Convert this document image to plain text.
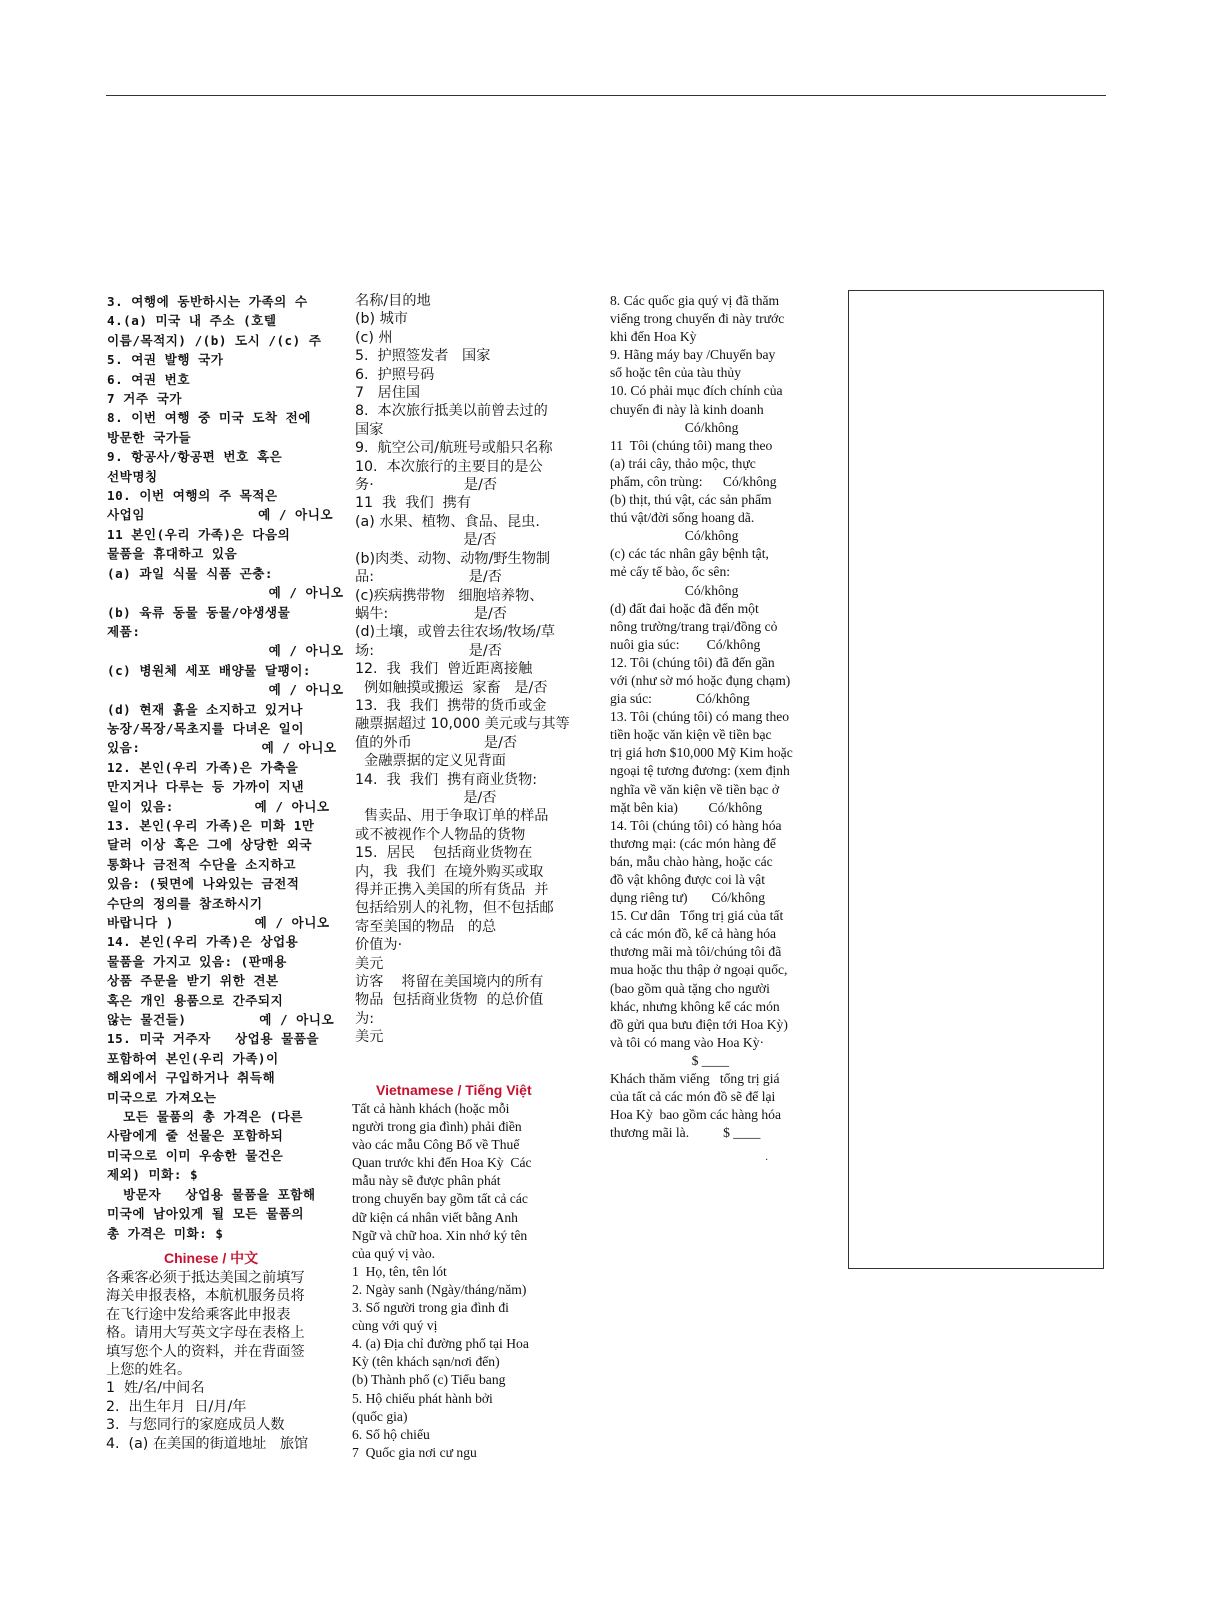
3. 여행에 동반하시는 가족의 수
4.(a) 미국 내 주소 (호텔
이름/목적지) /(b) 도시 /(c) 주
5. 여권 발행 국가
6. 여권 번호
7 거주 국가
8. 이번 여행 중 미국 도착 전에
방문한 국가들
9. 항공사/항공편 번호 혹은
선박명칭
10. 이번 여행의 주 목적은
사업임              예 / 아니오
11 본인(우리 가족)은 다음의
물품을 휴대하고 있음
(a) 과일 식물 식품 곤충:
예 / 아니오
(b) 육류 동물 동물/야생생물
제품:
예 / 아니오
(c) 병원체 세포 배양물 달팽이:
예 / 아니오
(d) 현재 흙을 소지하고 있거나
농장/목장/목초지를 다녀온 일이
있음:               예 / 아니오
12. 본인(우리 가족)은 가축을
만지거나 다루는 등 가까이 지낸
일이 있음:          예 / 아니오
13. 본인(우리 가족)은 미화 1만
달러 이상 혹은 그에 상당한 외국
통화나 금전적 수단을 소지하고
있음: (뒷면에 나와있는 금전적
수단의 정의를 참조하시기
바랍니다 )          예 / 아니오
14. 본인(우리 가족)은 상업용
물품을 가지고 있음: (판매용
상품 주문을 받기 위한 견본
혹은 개인 용품으로 간주되지
않는 물건들)         예 / 아니오
15. 미국 거주자   상업용 물품을
포함하여 본인(우리 가족)이
해외에서 구입하거나 취득해
미국으로 가져오는
모든 물품의 총 가격은 (다른
사람에게 줄 선물은 포함하되
미국으로 이미 우송한 물건은
제외) 미화: $
방문자   상업용 물품을 포함해
미국에 남아있게 될 모든 물품의
총 가격은 미화: $
Chinese / 中文
各乘客必须于抵达美国之前填写
海关申报表格，本航机服务员将
在飞行途中发给乘客此申报表
格。请用大写英文字母在表格上
填写您个人的资料，并在背面签
上您的姓名。
1  姓/名/中间名
2.  出生年月  日/月/年
3.  与您同行的家庭成员人数
4.  (a) 在美国的街道地址   旅馆
名称/目的地
(b) 城市
(c) 州
5.  护照签发者   国家
6.  护照号码
7   居住国
8.  本次旅行抵美以前曾去过的
国家
9.  航空公司/航班号或船只名称
10.  本次旅行的主要目的是公
务·                    是/否
11  我  我们  携有
(a) 水果、植物、食品、昆虫.
是/否
(b)肉类、动物、动物/野生物制
品:                     是/否
(c)疾病携带物   细胞培养物、
蜗牛:                   是/否
(d)土壤，或曾去往农场/牧场/草
场:                     是/否
12.  我  我们  曾近距离接触
例如触摸或搬运  家畜   是/否
13.  我  我们  携带的货币或金
融票据超过 10,000 美元或与其等
值的外币                是/否
金融票据的定义见背面
14.  我  我们  携有商业货物:
是/否
售卖品、用于争取订单的样品
或不被视作个人物品的货物
15.  居民    包括商业货物在
内，我  我们  在境外购买或取
得并正携入美国的所有货品  并
包括给别人的礼物，但不包括邮
寄至美国的物品   的总
价值为·
美元
访客    将留在美国境内的所有
物品  包括商业货物  的总价值
为:
美元
Vietnamese / Tiếng Việt
Tất cả hành khách (hoặc mỗi
người trong gia đình) phải điền
vào các mẫu Công Bố về Thuế
Quan trước khi đến Hoa Kỳ  Các
mẫu này sẽ được phân phát
trong chuyến bay gồm tất cả các
dữ kiện cá nhân viết bằng Anh
Ngữ và chữ hoa. Xin nhớ ký tên
của quý vị vào.
1  Họ, tên, tên lót
2. Ngày sanh (Ngày/tháng/năm)
3. Số người trong gia đình đi
cùng với quý vị
4. (a) Địa chỉ đường phố tại Hoa
Kỳ (tên khách sạn/nơi đến)
(b) Thành phố (c) Tiểu bang
5. Hộ chiếu phát hành bởi
(quốc gia)
6. Số hộ chiếu
7  Quốc gia nơi cư ngu
8. Các quốc gia quý vị đã thăm
viếng trong chuyến đi này trước
khi đến Hoa Kỳ
9. Hãng máy bay /Chuyến bay
số hoặc tên của tàu thủy
10. Có phải mục đích chính của
chuyến đi này là kinh doanh
Có/không
11  Tôi (chúng tôi) mang theo
(a) trái cây, thảo mộc, thực
phẩm, côn trùng:      Có/không
(b) thịt, thú vật, các sản phẩm
thú vật/đời sống hoang dã.
Có/không
(c) các tác nhân gây bệnh tật,
mẻ cấy tế bào, ốc sên:
Có/không
(d) đất đai hoặc đã đến một
nông trường/trang trại/đồng cỏ
nuôi gia súc:        Có/không
12. Tôi (chúng tôi) đã đến gần
với (như sờ mó hoặc đụng chạm)
gia súc:             Có/không
13. Tôi (chúng tôi) có mang theo
tiền hoặc văn kiện về tiền bạc
trị giá hơn $10,000 Mỹ Kim hoặc
ngoại tệ tương đương: (xem định
nghĩa về văn kiện về tiền bạc ở
mặt bên kia)         Có/không
14. Tôi (chúng tôi) có hàng hóa
thương mại: (các món hàng để
bán, mẫu chào hàng, hoặc các
đồ vật không được coi là vật
dụng riêng tư)       Có/không
15. Cư dân   Tổng trị giá của tất
cả các món đồ, kể cả hàng hóa
thương mãi mà tôi/chúng tôi đã
mua hoặc thu thập ở ngoại quốc,
(bao gồm quà tặng cho người
khác, nhưng không kể các món
đồ gửi qua bưu điện tới Hoa Kỳ)
và tôi có mang vào Hoa Kỳ·
$ ____
Khách thăm viếng   tổng trị giá
của tất cả các món đồ sẽ để lại
Hoa Kỳ  bao gồm các hàng hóa
thương mãi là.          $ ____
·
